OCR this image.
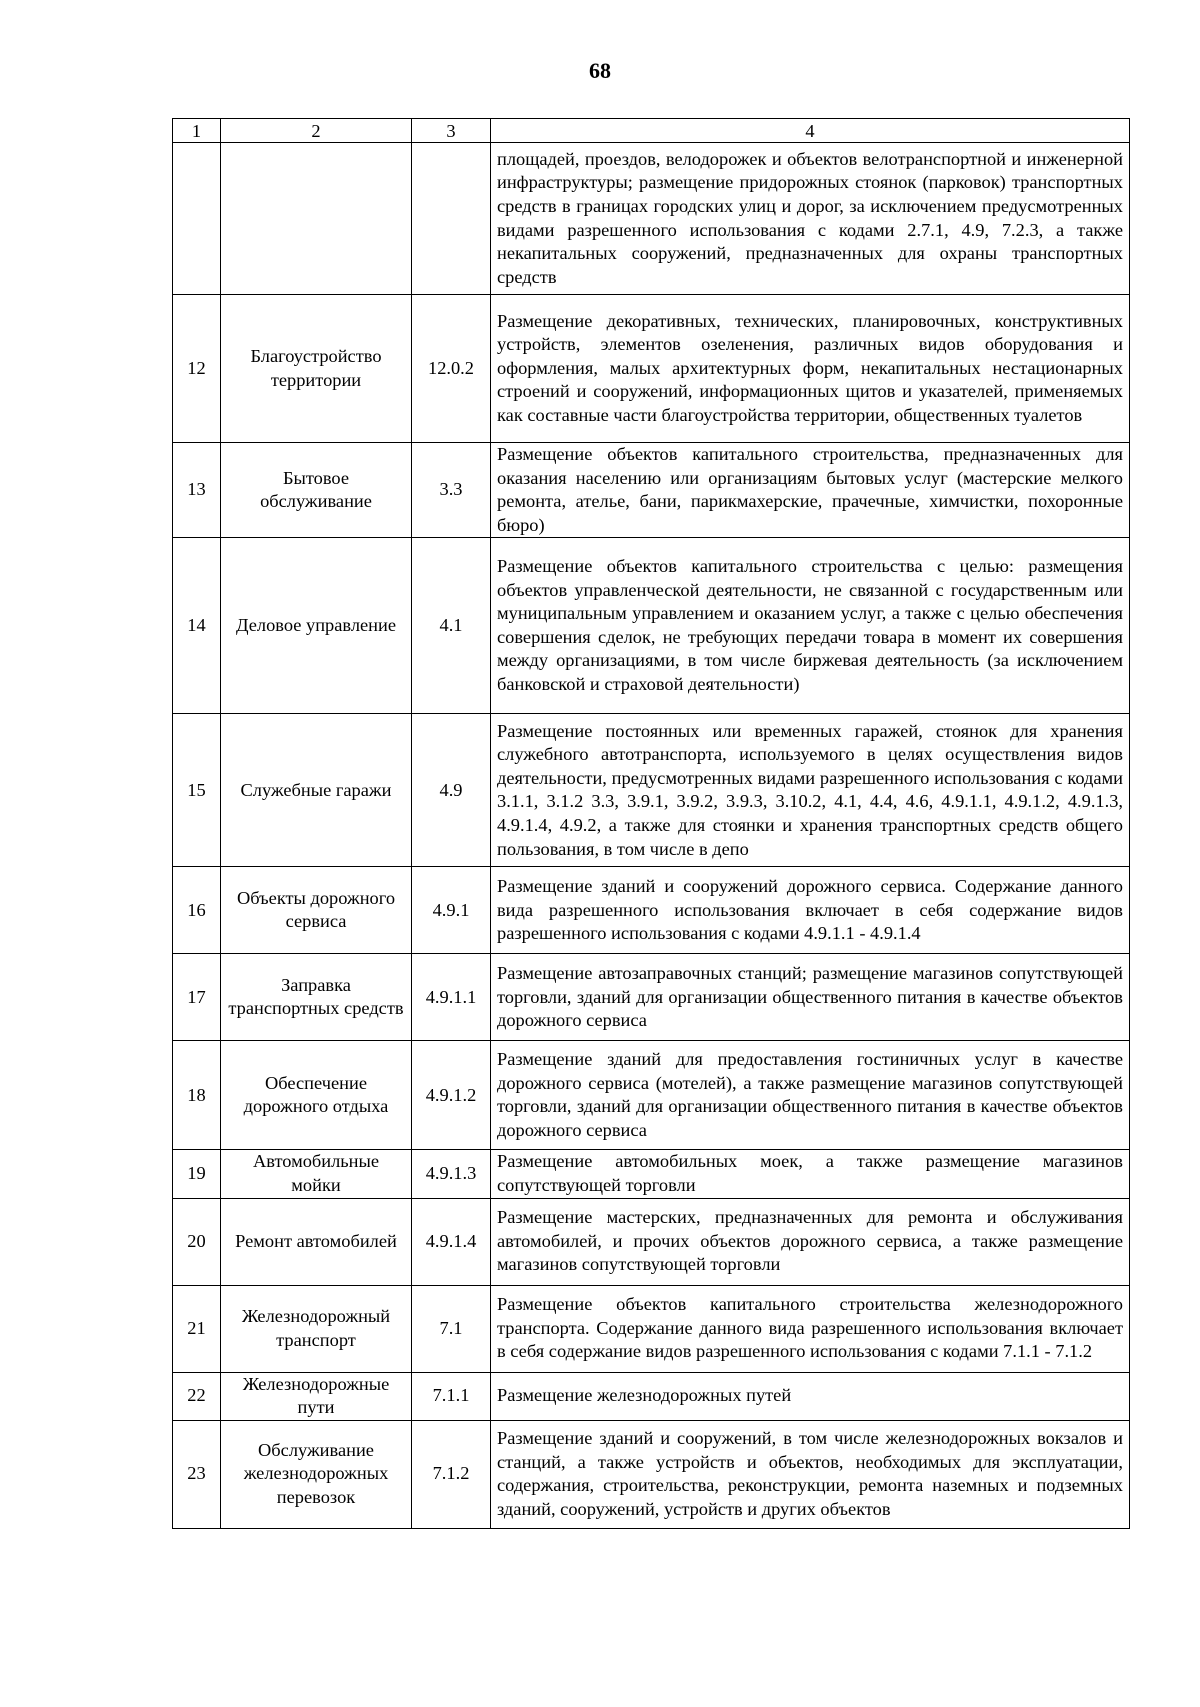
68
1	2	3	4
			площадей, проездов, велодорожек и объектов велотранспортной и инженерной инфраструктуры; размещение придорожных стоянок (парковок) транспортных средств в границах городских улиц и дорог, за исключением предусмотренных видами разрешенного использования с кодами 2.7.1, 4.9, 7.2.3, а также некапитальных сооружений, предназначенных для охраны транспортных средств
12	Благоустройство территории	12.0.2	Размещение декоративных, технических, планировочных, конструктивных устройств, элементов озеленения, различных видов оборудования и оформления, малых архитектурных форм, некапитальных нестационарных строений и сооружений, информационных щитов и указателей, применяемых как составные части благоустройства территории, общественных туалетов
13	Бытовое обслуживание	3.3	Размещение объектов капитального строительства, предназначенных для оказания населению или организациям бытовых услуг (мастерские мелкого ремонта, ателье, бани, парикмахерские, прачечные, химчистки, похоронные бюро)
14	Деловое управление	4.1	Размещение объектов капитального строительства с целью: размещения объектов управленческой деятельности, не связанной с государственным или муниципальным управлением и оказанием услуг, а также с целью обеспечения совершения сделок, не требующих передачи товара в момент их совершения между организациями, в том числе биржевая деятельность (за исключением банковской и страховой деятельности)
15	Служебные гаражи	4.9	Размещение постоянных или временных гаражей, стоянок для хранения служебного автотранспорта, используемого в целях осуществления видов деятельности, предусмотренных видами разрешенного использования с кодами 3.1.1, 3.1.2 3.3, 3.9.1, 3.9.2, 3.9.3, 3.10.2, 4.1, 4.4, 4.6, 4.9.1.1, 4.9.1.2, 4.9.1.3, 4.9.1.4, 4.9.2, а также для стоянки и хранения транспортных средств общего пользования, в том числе в депо
16	Объекты дорожного сервиса	4.9.1	Размещение зданий и сооружений дорожного сервиса. Содержание данного вида разрешенного использования включает в себя содержание видов разрешенного использования с кодами 4.9.1.1 - 4.9.1.4
17	Заправка транспортных средств	4.9.1.1	Размещение автозаправочных станций; размещение магазинов сопутствующей торговли, зданий для организации общественного питания в качестве объектов дорожного сервиса
18	Обеспечение дорожного отдыха	4.9.1.2	Размещение зданий для предоставления гостиничных услуг в качестве дорожного сервиса (мотелей), а также размещение магазинов сопутствующей торговли, зданий для организации общественного питания в качестве объектов дорожного сервиса
19	Автомобильные мойки	4.9.1.3	Размещение автомобильных моек, а также размещение магазинов сопутствующей торговли
20	Ремонт автомобилей	4.9.1.4	Размещение мастерских, предназначенных для ремонта и обслуживания автомобилей, и прочих объектов дорожного сервиса, а также размещение магазинов сопутствующей торговли
21	Железнодорожный транспорт	7.1	Размещение объектов капитального строительства железнодорожного транспорта. Содержание данного вида разрешенного использования включает в себя содержание видов разрешенного использования с кодами 7.1.1 - 7.1.2
22	Железнодорожные пути	7.1.1	Размещение железнодорожных путей
23	Обслуживание железнодорожных перевозок	7.1.2	Размещение зданий и сооружений, в том числе железнодорожных вокзалов и станций, а также устройств и объектов, необходимых для эксплуатации, содержания, строительства, реконструкции, ремонта наземных и подземных зданий, сооружений, устройств и других объектов
